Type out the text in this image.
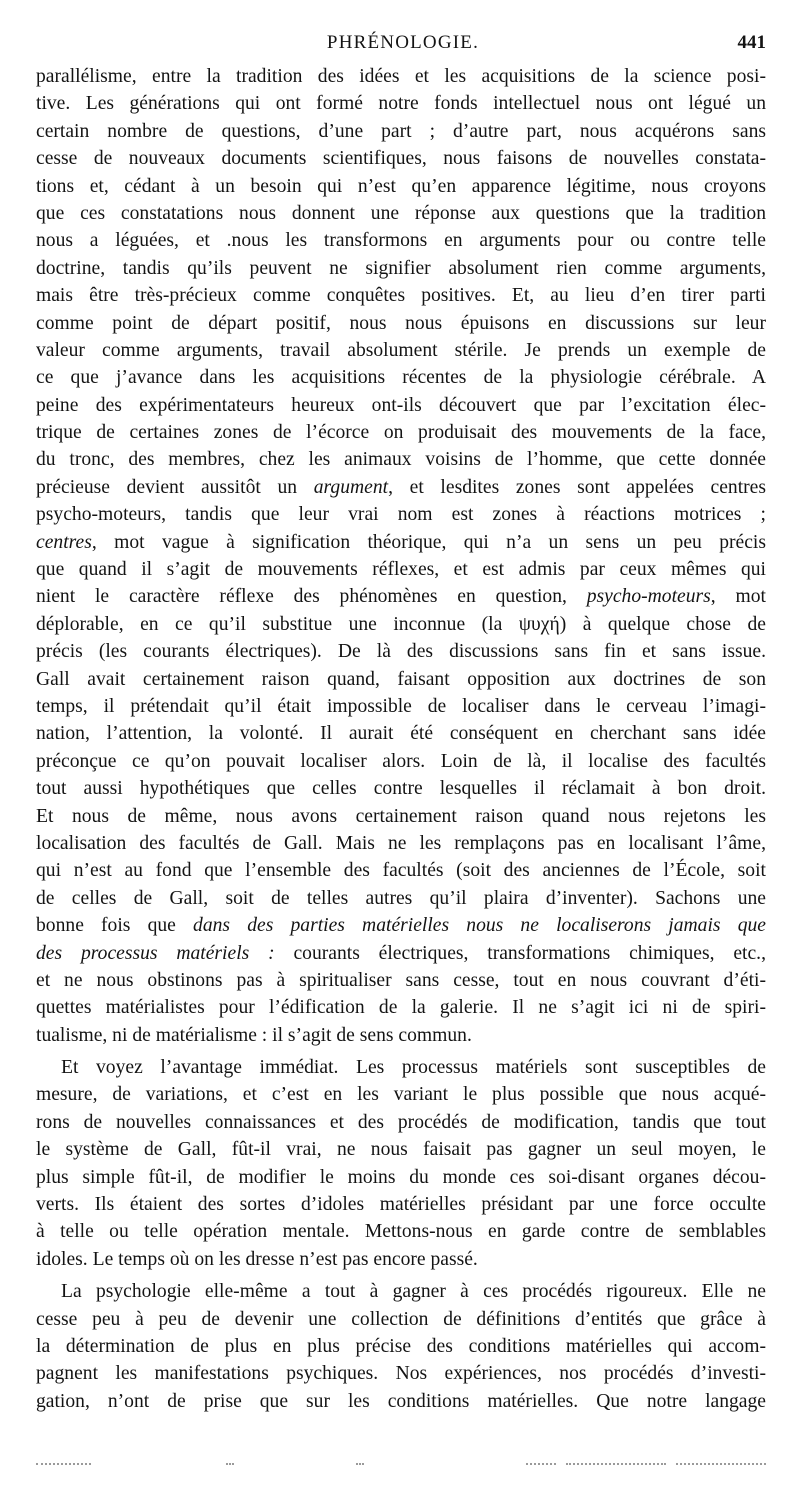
PHRÉNOLOGIE.	441
parallélisme, entre la tradition des idées et les acquisitions de la science posi-
tive. Les générations qui ont formé notre fonds intellectuel nous ont légué un
certain nombre de questions, d’une part ; d’autre part, nous acquérons sans
cesse de nouveaux documents scientifiques, nous faisons de nouvelles constata-
tions et, cédant à un besoin qui n’est qu’en apparence légitime, nous croyons
que ces constatations nous donnent une réponse aux questions que la tradition
nous a léguées, et .nous les transformons en arguments pour ou contre telle
doctrine, tandis qu’ils peuvent ne signifier absolument rien comme arguments,
mais être très-précieux comme conquêtes positives. Et, au lieu d’en tirer parti
comme point de départ positif, nous nous épuisons en discussions sur leur
valeur comme arguments, travail absolument stérile. Je prends un exemple de
ce que j’avance dans les acquisitions récentes de la physiologie cérébrale. A
peine des expérimentateurs heureux ont-ils découvert que par l’excitation élec-
trique de certaines zones de l’écorce on produisait des mouvements de la face,
du tronc, des membres, chez les animaux voisins de l’homme, que cette donnée
précieuse devient aussitôt un argument, et lesdites zones sont appelées centres
psycho-moteurs, tandis que leur vrai nom est zones à réactions motrices ;
centres, mot vague à signification théorique, qui n’a un sens un peu précis
que quand il s’agit de mouvements réflexes, et est admis par ceux mêmes qui
nient le caractère réflexe des phénomènes en question, psycho-moteurs, mot
déplorable, en ce qu’il substitue une inconnue (la ψυχή) à quelque chose de
précis (les courants électriques). De là des discussions sans fin et sans issue.
Gall avait certainement raison quand, faisant opposition aux doctrines de son
temps, il prétendait qu’il était impossible de localiser dans le cerveau l’imagi-
nation, l’attention, la volonté. Il aurait été conséquent en cherchant sans idée
préconçue ce qu’on pouvait localiser alors. Loin de là, il localise des facultés
tout aussi hypothétiques que celles contre lesquelles il réclamait à bon droit.
Et nous de même, nous avons certainement raison quand nous rejetons les
localisation des facultés de Gall. Mais ne les remplaçons pas en localisant l’âme,
qui n’est au fond que l’ensemble des facultés (soit des anciennes de l’École, soit
de celles de Gall, soit de telles autres qu’il plaira d’inventer). Sachons une
bonne fois que dans des parties matérielles nous ne localiserons jamais que
des processus matériels : courants électriques, transformations chimiques, etc.,
et ne nous obstinons pas à spiritualiser sans cesse, tout en nous couvrant d’éti-
quettes matérialistes pour l’édification de la galerie. Il ne s’agit ici ni de spiri-
tualisme, ni de matérialisme : il s’agit de sens commun.
Et voyez l’avantage immédiat. Les processus matériels sont susceptibles de
mesure, de variations, et c’est en les variant le plus possible que nous acqué-
rons de nouvelles connaissances et des procédés de modification, tandis que tout
le système de Gall, fût-il vrai, ne nous faisait pas gagner un seul moyen, le
plus simple fût-il, de modifier le moins du monde ces soi-disant organes décou-
verts. Ils étaient des sortes d’idoles matérielles présidant par une force occulte
à telle ou telle opération mentale. Mettons-nous en garde contre de semblables
idoles. Le temps où on les dresse n’est pas encore passé.
La psychologie elle-même a tout à gagner à ces procédés rigoureux. Elle ne
cesse peu à peu de devenir une collection de définitions d’entités que grâce à
la détermination de plus en plus précise des conditions matérielles qui accom-
pagnent les manifestations psychiques. Nos expériences, nos procédés d’investi-
gation, n’ont de prise que sur les conditions matérielles. Que notre langage
